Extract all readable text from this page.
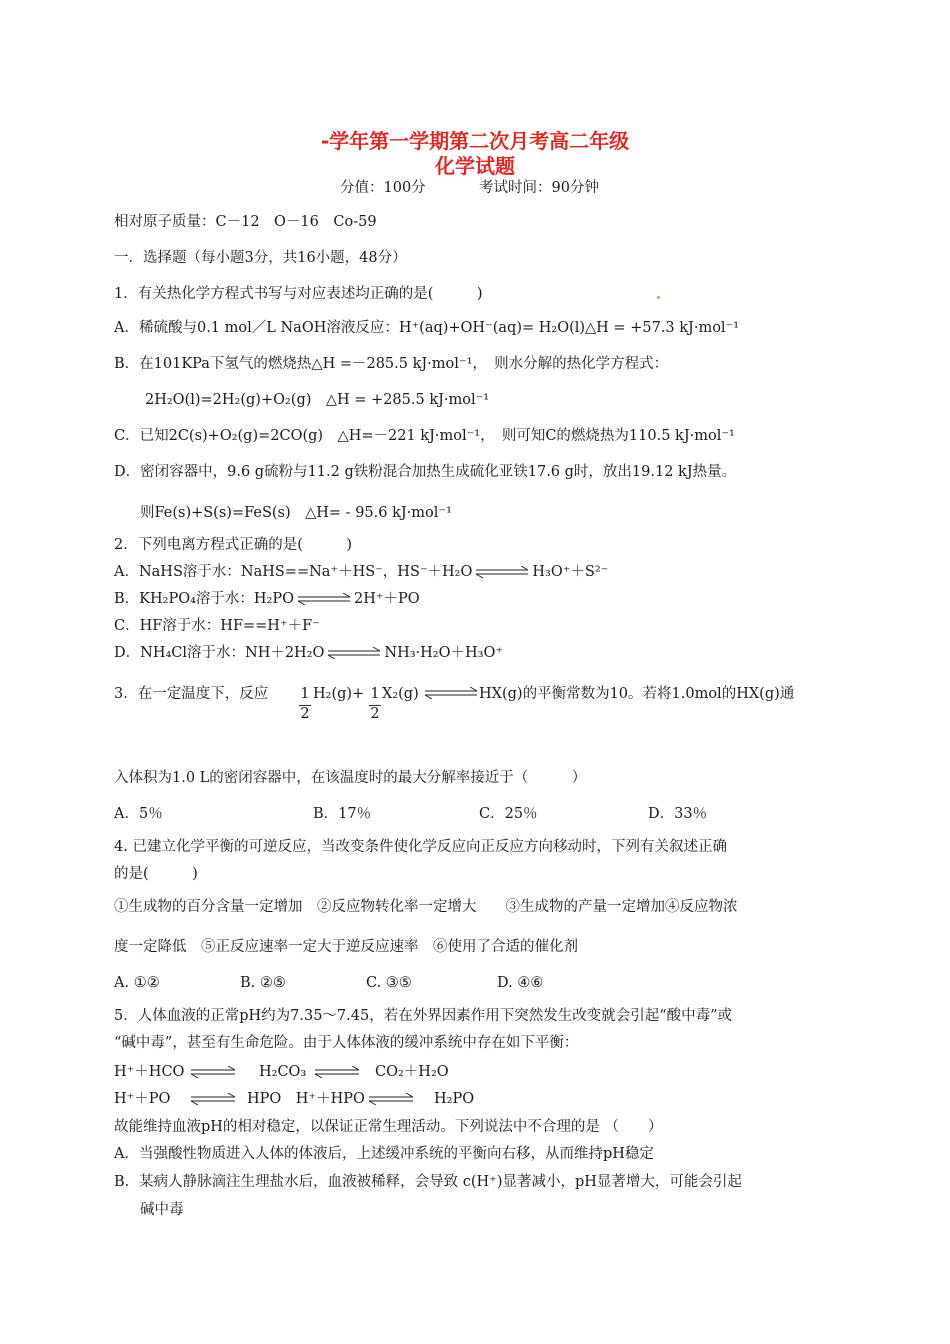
-学年第一学期第二次月考高二年级
化学试题
分值：100分	考试时间：90分钟
相对原子质量：C－12　O－16　Co-59
一．选择题（每小题3分，共16小题，48分）
1．有关热化学方程式书写与对应表述均正确的是(　　　)
A．稀硫酸与0.1 mol／L NaOH溶液反应：H⁺(aq)+OH⁻(aq)= H₂O(l)△H = +57.3 kJ·mol⁻¹
B．在101KPa下氢气的燃烧热△H =－285.5 kJ·mol⁻¹，　则水分解的热化学方程式：
2H₂O(l)=2H₂(g)+O₂(g)　△H = +285.5 kJ·mol⁻¹
C．已知2C(s)+O₂(g)=2CO(g)　△H=－221 kJ·mol⁻¹，　则可知C的燃烧热为110.5 kJ·mol⁻¹
D．密闭容器中，9.6 g硫粉与11.2 g铁粉混合加热生成硫化亚铁17.6 g时，放出19.12 kJ热量。
则Fe(s)+S(s)=FeS(s)　△H= - 95.6 kJ·mol⁻¹
2．下列电离方程式正确的是(　　　)
A．NaHS溶于水：NaHS==Na⁺＋HS⁻，HS⁻＋H₂O ⇌ H₃O⁺＋S²⁻
B．KH₂PO₄溶于水：H₂PO ⇌ 2H⁺＋PO
C．HF溶于水：HF==H⁺＋F⁻
D．NH₄Cl溶于水：NH＋2H₂O ⇌ NH₃·H₂O＋H₃O⁺
3．在一定温度下，反应
2
1 H₂(g)+
2
1 X₂(g) ⇌ HX(g)的平衡常数为10。若将1.0mol的HX(g)通
入体积为1.0 L的密闭容器中，在该温度时的最大分解率接近于（　　　）
A．5％	B．17％	C．25％	D．33％
4. 已建立化学平衡的可逆反应，当改变条件使化学反应向正反应方向移动时，下列有关叙述正确
的是(　　　)
①生成物的百分含量一定增加　②反应物转化率一定增大　　③生成物的产量一定增加④反应物浓
度一定降低　⑤正反应速率一定大于逆反应速率　⑥使用了合适的催化剂
A. ①②	B. ②⑤	C. ③⑤	D. ④⑥
5．人体血液的正常pH约为7.35～7.45，若在外界因素作用下突然发生改变就会引起“酸中毒”或
“碱中毒”，甚至有生命危险。由于人体体液的缓冲系统中存在如下平衡：
H⁺＋HCO ⇌ H₂CO₃ ⇌ CO₂＋H₂O
H⁺＋PO ⇌ HPO　H⁺＋HPO ⇌ H₂PO
故能维持血液pH的相对稳定，以保证正常生理活动。下列说法中不合理的是 （　　）
A．当强酸性物质进入人体的体液后，上述缓冲系统的平衡向右移，从而维持pH稳定
B．某病人静脉滴注生理盐水后，血液被稀释，会导致 c(H⁺)显著减小，pH显著增大，可能会引起
碱中毒
